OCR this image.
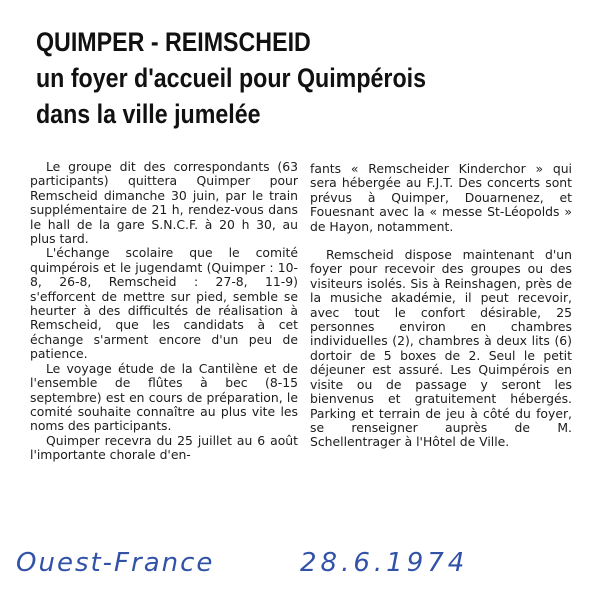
QUIMPER - REIMSCHEID
un foyer d'accueil pour Quimpérois
dans la ville jumelée

Le groupe dit des correspondants (63 participants) quittera Quimper pour Remscheid dimanche 30 juin, par le train supplémentaire de 21 h, rendez-vous dans le hall de la gare S.N.C.F. à 20 h 30, au plus tard.

L'échange scolaire que le comité quimpérois et le jugendamt (Quimper : 10-8, 26-8, Remscheid : 27-8, 11-9) s'efforcent de mettre sur pied, semble se heurter à des difficultés de réalisation à Remscheid, que les candidats à cet échange s'arment encore d'un peu de patience.

Le voyage étude de la Cantilène et de l'ensemble de flûtes à bec (8-15 septembre) est en cours de préparation, le comité souhaite connaître au plus vite les noms des participants.

Quimper recevra du 25 juillet au 6 août l'importante chorale d'en-

fants « Remscheider Kinderchor » qui sera hébergée au F.J.T. Des concerts sont prévus à Quimper, Douarnenez, et Fouesnant avec la « messe St-Léopolds » de Hayon, notamment.

Remscheid dispose maintenant d'un foyer pour recevoir des groupes ou des visiteurs isolés. Sis à Reinshagen, près de la musiche akadémie, il peut recevoir, avec tout le confort désirable, 25 personnes environ en chambres individuelles (2), chambres à deux lits (6) dortoir de 5 boxes de 2. Seul le petit déjeuner est assuré. Les Quimpérois en visite ou de passage y seront les bienvenus et gratuitement hébergés. Parking et terrain de jeu à côté du foyer, se renseigner auprès de M. Schellentrager à l'Hôtel de Ville.

Ouest-France	28.6.1974
